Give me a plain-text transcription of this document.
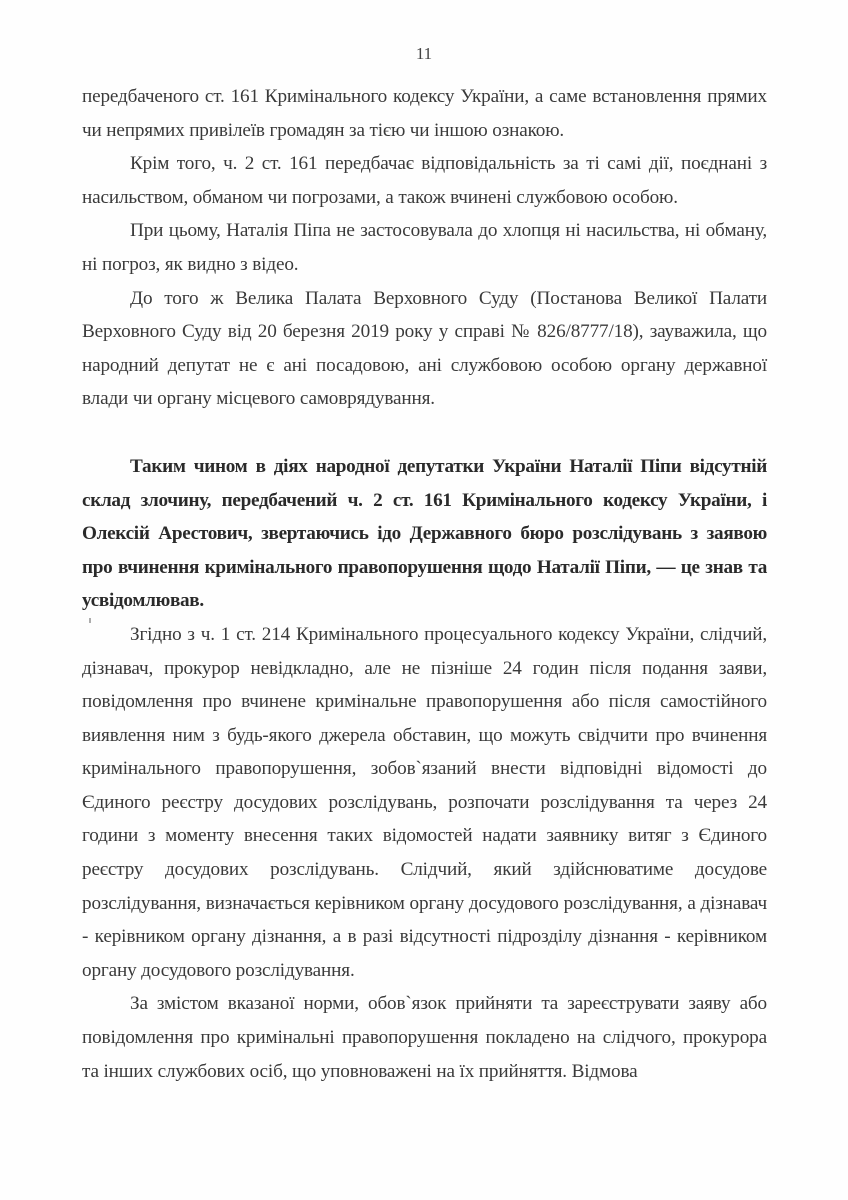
11

передбаченого ст. 161 Кримінального кодексу України, а саме встановлення прямих чи непрямих привілеїв громадян за тією чи іншою ознакою.

Крім того, ч. 2 ст. 161 передбачає відповідальність за ті самі дії, поєднані з насильством, обманом чи погрозами, а також вчинені службовою особою.

При цьому, Наталія Піпа не застосовувала до хлопця ні насильства, ні обману, ні погроз, як видно з відео.

До того ж Велика Палата Верховного Суду (Постанова Великої Палати Верховного Суду від 20 березня 2019 року у справі № 826/8777/18), зауважила, що народний депутат не є ані посадовою, ані службовою особою органу державної влади чи органу місцевого самоврядування.

Таким чином в діях народної депутатки України Наталії Піпи відсутній склад злочину, передбачений ч. 2 ст. 161 Кримінального кодексу України, і Олексій Арестович, звертаючись ідо Державного бюро розслідувань з заявою про вчинення кримінального правопорушення щодо Наталії Піпи, — це знав та усвідомлював.

Згідно з ч. 1 ст. 214 Кримінального процесуального кодексу України, слідчий, дізнавач, прокурор невідкладно, але не пізніше 24 годин після подання заяви, повідомлення про вчинене кримінальне правопорушення або після самостійного виявлення ним з будь-якого джерела обставин, що можуть свідчити про вчинення кримінального правопорушення, зобов`язаний внести відповідні відомості до Єдиного реєстру досудових розслідувань, розпочати розслідування та через 24 години з моменту внесення таких відомостей надати заявнику витяг з Єдиного реєстру досудових розслідувань. Слідчий, який здійснюватиме досудове розслідування, визначається керівником органу досудового розслідування, а дізнавач - керівником органу дізнання, а в разі відсутності підрозділу дізнання - керівником органу досудового розслідування.

За змістом вказаної норми, обов`язок прийняти та зареєструвати заяву або повідомлення про кримінальні правопорушення покладено на слідчого, прокурора та інших службових осіб, що уповноважені на їх прийняття. Відмова
